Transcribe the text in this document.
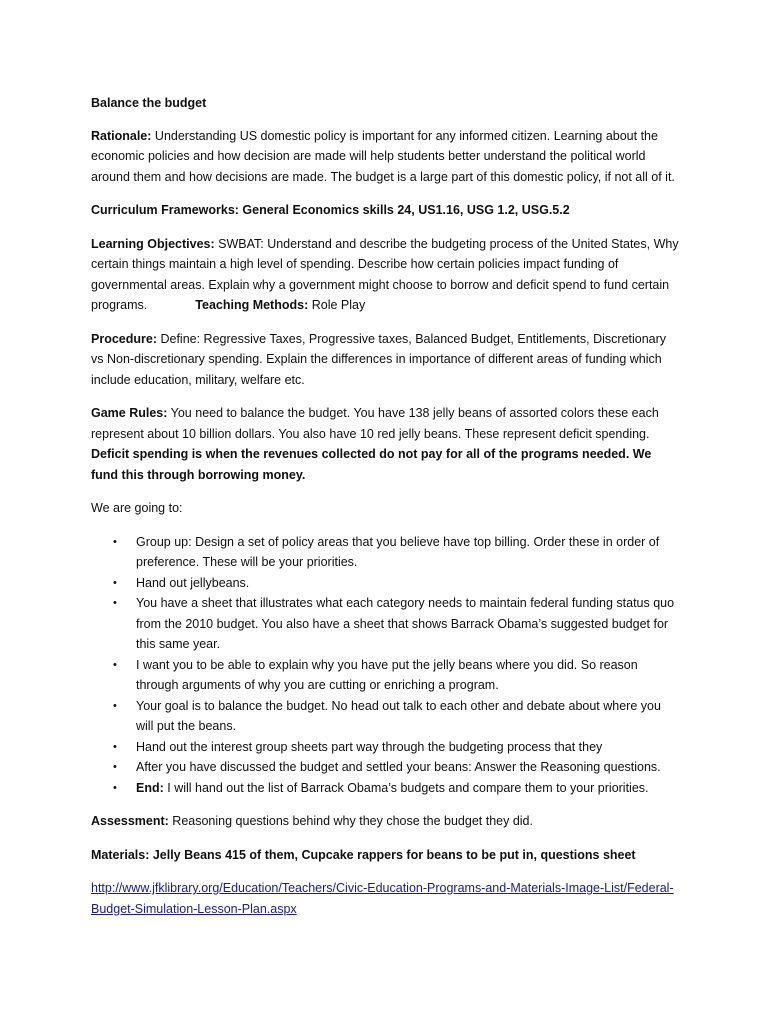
Balance the budget

Rationale: Understanding US domestic policy is important for any informed citizen. Learning about the economic policies and how decision are made will help students better understand the political world around them and how decisions are made. The budget is a large part of this domestic policy, if not all of it.

Curriculum Frameworks: General Economics skills 24, US1.16, USG 1.2, USG.5.2

Learning Objectives: SWBAT: Understand and describe the budgeting process of the United States, Why certain things maintain a high level of spending. Describe how certain policies impact funding of governmental areas. Explain why a government might choose to borrow and deficit spend to fund certain programs.	Teaching Methods: Role Play

Procedure: Define: Regressive Taxes, Progressive taxes, Balanced Budget, Entitlements, Discretionary vs Non-discretionary spending. Explain the differences in importance of different areas of funding which include education, military, welfare etc.

Game Rules: You need to balance the budget. You have 138 jelly beans of assorted colors these each represent about 10 billion dollars. You also have 10 red jelly beans. These represent deficit spending. Deficit spending is when the revenues collected do not pay for all of the programs needed. We fund this through borrowing money.

We are going to:

• Group up: Design a set of policy areas that you believe have top billing. Order these in order of preference. These will be your priorities.
• Hand out jellybeans.
• You have a sheet that illustrates what each category needs to maintain federal funding status quo from the 2010 budget. You also have a sheet that shows Barrack Obama’s suggested budget for this same year.
• I want you to be able to explain why you have put the jelly beans where you did. So reason through arguments of why you are cutting or enriching a program.
• Your goal is to balance the budget. No head out talk to each other and debate about where you will put the beans.
• Hand out the interest group sheets part way through the budgeting process that they
• After you have discussed the budget and settled your beans: Answer the Reasoning questions.
• End: I will hand out the list of Barrack Obama’s budgets and compare them to your priorities.

Assessment: Reasoning questions behind why they chose the budget they did.

Materials: Jelly Beans 415 of them, Cupcake rappers for beans to be put in, questions sheet

http://www.jfklibrary.org/Education/Teachers/Civic-Education-Programs-and-Materials-Image-List/Federal-Budget-Simulation-Lesson-Plan.aspx
